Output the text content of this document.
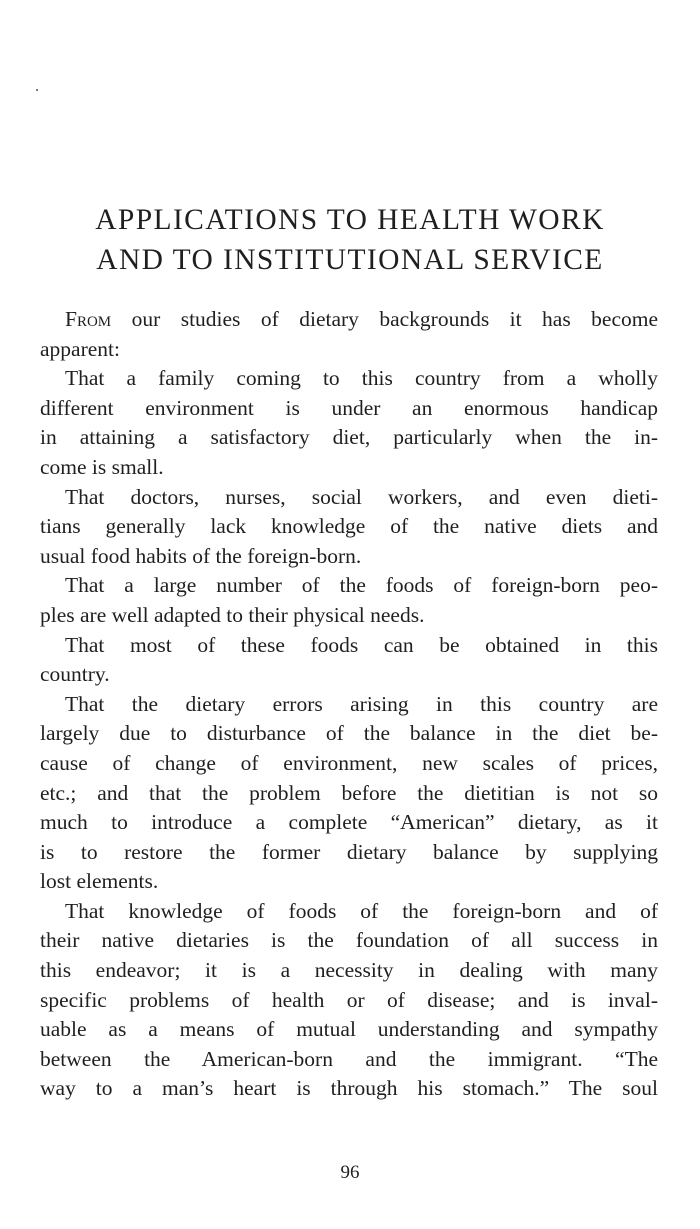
APPLICATIONS TO HEALTH WORK
AND TO INSTITUTIONAL SERVICE
From our studies of dietary backgrounds it has become
apparent:
That a family coming to this country from a wholly
different environment is under an enormous handicap
in attaining a satisfactory diet, particularly when the in-
come is small.
That doctors, nurses, social workers, and even dieti-
tians generally lack knowledge of the native diets and
usual food habits of the foreign-born.
That a large number of the foods of foreign-born peo-
ples are well adapted to their physical needs.
That most of these foods can be obtained in this
country.
That the dietary errors arising in this country are
largely due to disturbance of the balance in the diet be-
cause of change of environment, new scales of prices,
etc.; and that the problem before the dietitian is not so
much to introduce a complete “American” dietary, as it
is to restore the former dietary balance by supplying
lost elements.
That knowledge of foods of the foreign-born and of
their native dietaries is the foundation of all success in
this endeavor; it is a necessity in dealing with many
specific problems of health or of disease; and is inval-
uable as a means of mutual understanding and sympathy
between the American-born and the immigrant. “The
way to a man’s heart is through his stomach.” The soul
96
